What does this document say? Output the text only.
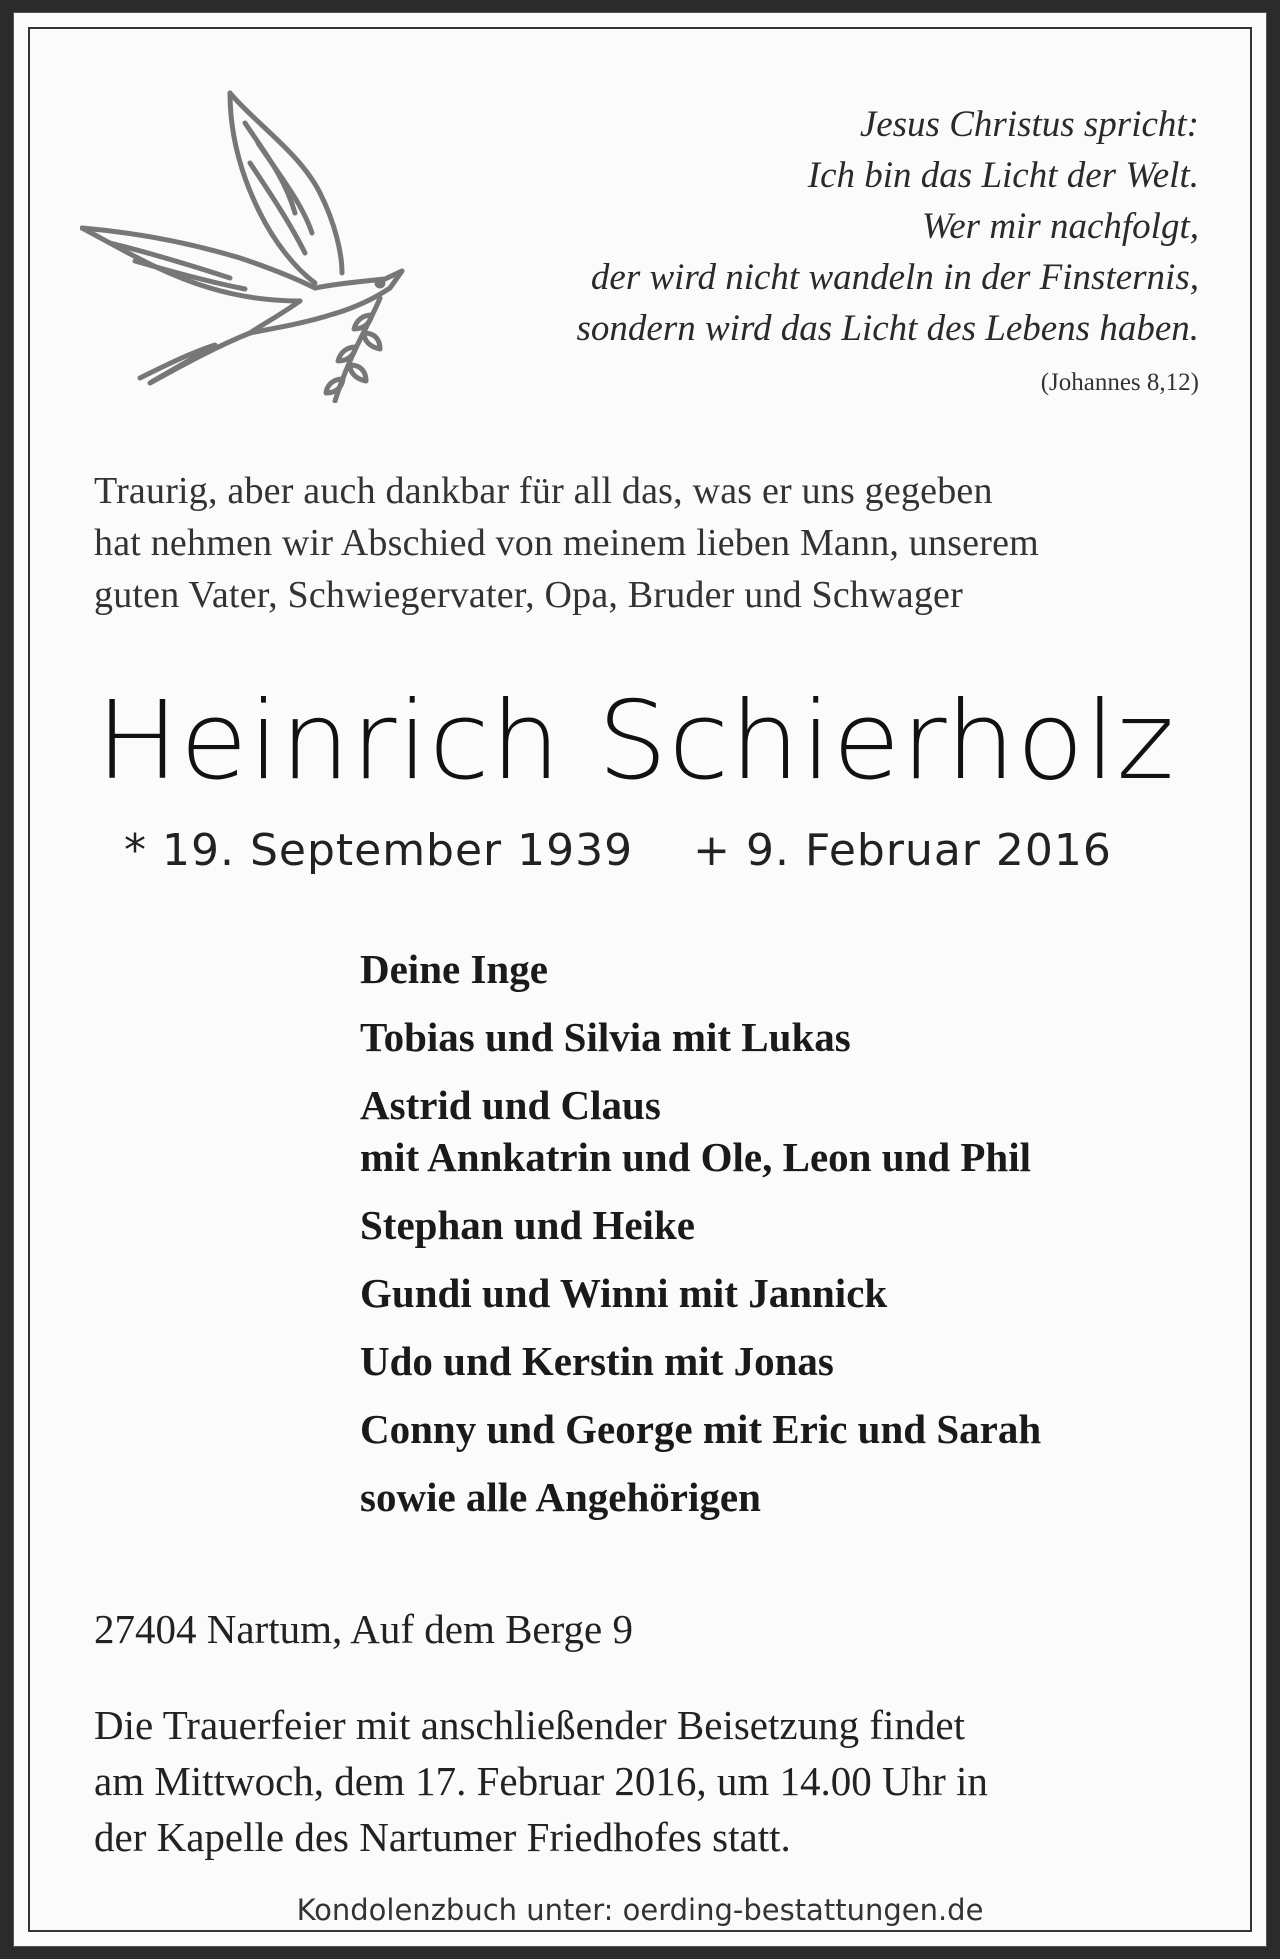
Jesus Christus spricht:
Ich bin das Licht der Welt.
Wer mir nachfolgt,
der wird nicht wandeln in der Finsternis,
sondern wird das Licht des Lebens haben.
(Johannes 8,12)
Traurig, aber auch dankbar für all das, was er uns gegeben
hat nehmen wir Abschied von meinem lieben Mann, unserem
guten Vater, Schwiegervater, Opa, Bruder und Schwager
Heinrich Schierholz
* 19. September 1939 + 9. Februar 2016
Deine Inge
Tobias und Silvia mit Lukas
Astrid und Claus
mit Annkatrin und Ole, Leon und Phil
Stephan und Heike
Gundi und Winni mit Jannick
Udo und Kerstin mit Jonas
Conny und George mit Eric und Sarah
sowie alle Angehörigen
27404 Nartum, Auf dem Berge 9
Die Trauerfeier mit anschließender Beisetzung findet
am Mittwoch, dem 17. Februar 2016, um 14.00 Uhr in
der Kapelle des Nartumer Friedhofes statt.
Kondolenzbuch unter: oerding-bestattungen.de
